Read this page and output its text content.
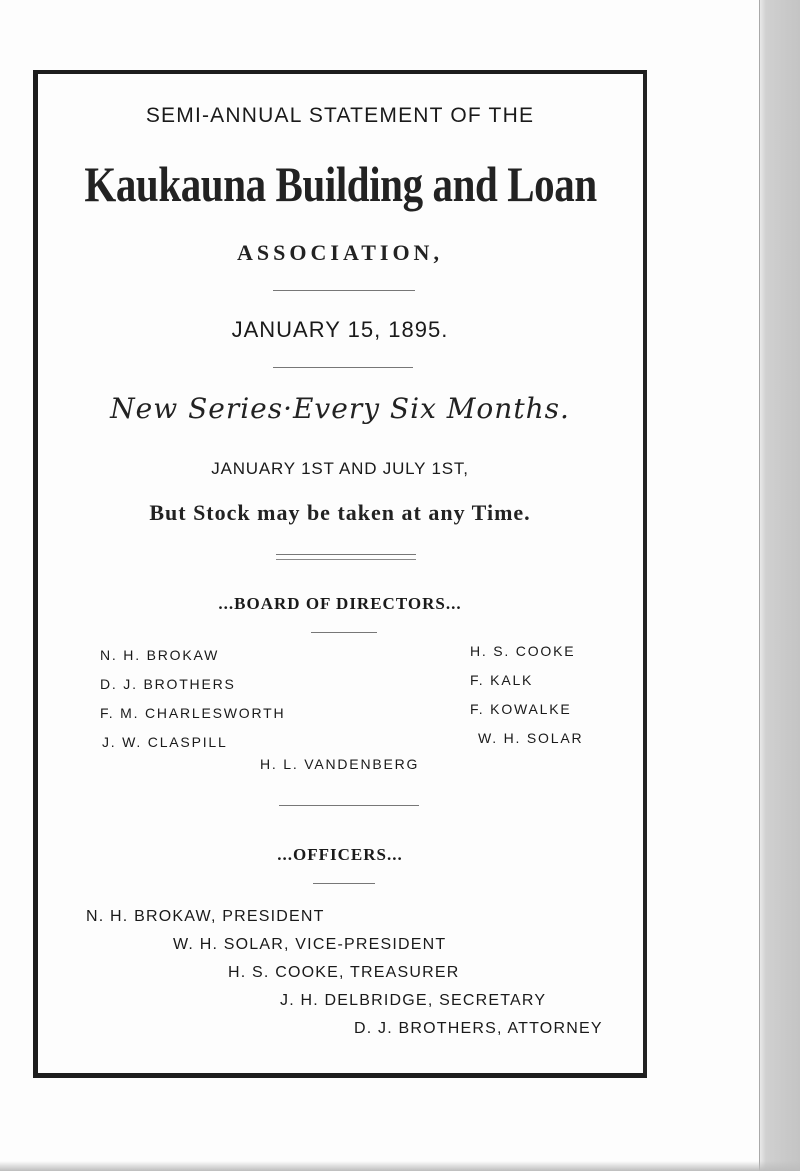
SEMI-ANNUAL STATEMENT OF THE
Kaukauna Building and Loan
ASSOCIATION,
JANUARY 15, 1895.
New Series·Every Six Months.
JANUARY 1ST AND JULY 1ST,
But Stock may be taken at any Time.
...BOARD OF DIRECTORS...
N. H. BROKAW
D. J. BROTHERS
F. M. CHARLESWORTH
J. W. CLASPILL
H. S. COOKE
F. KALK
F. KOWALKE
W. H. SOLAR
H. L. VANDENBERG
...OFFICERS...
N. H. BROKAW, PRESIDENT
W. H. SOLAR, VICE-PRESIDENT
H. S. COOKE, TREASURER
J. H. DELBRIDGE, SECRETARY
D. J. BROTHERS, ATTORNEY
